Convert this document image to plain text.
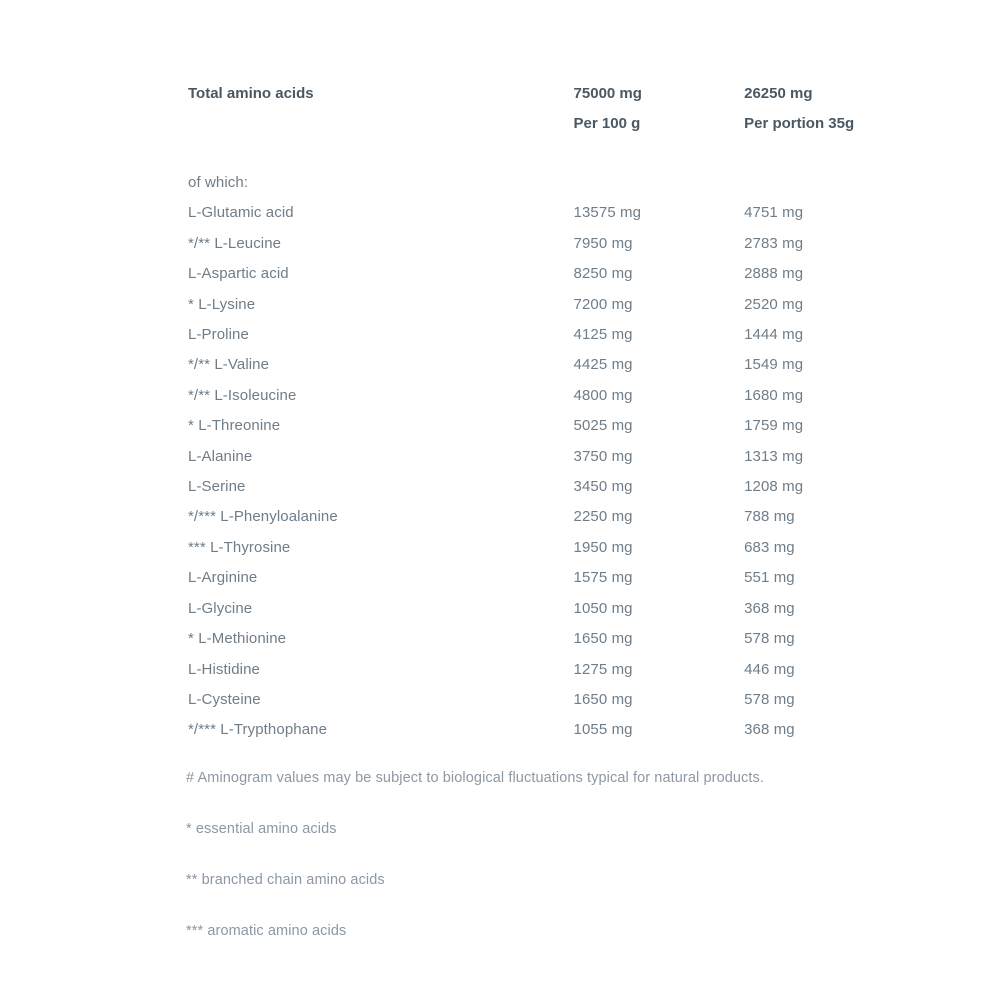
Total amino acids	75000 mg	26250 mg
	Per 100 g	Per portion 35g

of which:		
L-Glutamic acid	13575 mg	4751 mg
*/** L-Leucine	7950 mg	2783 mg
L-Aspartic acid	8250 mg	2888 mg
* L-Lysine	7200 mg	2520 mg
L-Proline	4125 mg	1444 mg
*/** L-Valine	4425 mg	1549 mg
*/** L-Isoleucine	4800 mg	1680 mg
* L-Threonine	5025 mg	1759 mg
L-Alanine	3750 mg	1313 mg
L-Serine	3450 mg	1208 mg
*/*** L-Phenyloalanine	2250 mg	788 mg
*** L-Thyrosine	1950 mg	683 mg
L-Arginine	1575 mg	551 mg
L-Glycine	1050 mg	368 mg
* L-Methionine	1650 mg	578 mg
L-Histidine	1275 mg	446 mg
L-Cysteine	1650 mg	578 mg
*/*** L-Trypthophane	1055 mg	368 mg
# Aminogram values may be subject to biological fluctuations typical for natural products.
* essential amino acids
** branched chain amino acids
*** aromatic amino acids
